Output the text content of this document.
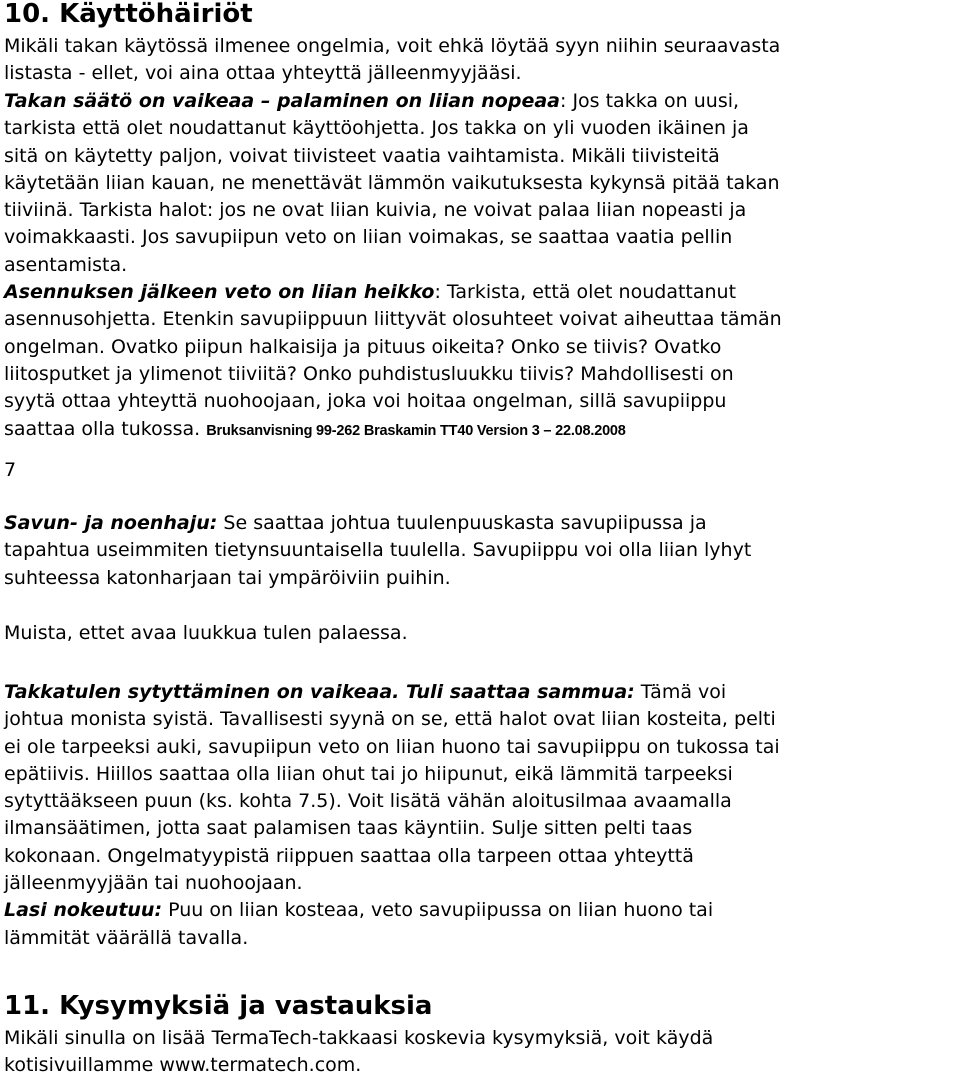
10. Käyttöhäiriöt
Mikäli takan käytössä ilmenee ongelmia, voit ehkä löytää syyn niihin seuraavasta
listasta - ellet, voi aina ottaa yhteyttä jälleenmyyjääsi.
Takan säätö on vaikeaa – palaminen on liian nopeaa: Jos takka on uusi,
tarkista että olet noudattanut käyttöohjetta. Jos takka on yli vuoden ikäinen ja
sitä on käytetty paljon, voivat tiivisteet vaatia vaihtamista. Mikäli tiivisteitä
käytetään liian kauan, ne menettävät lämmön vaikutuksesta kykynsä pitää takan
tiiviinä. Tarkista halot: jos ne ovat liian kuivia, ne voivat palaa liian nopeasti ja
voimakkaasti. Jos savupiipun veto on liian voimakas, se saattaa vaatia pellin
asentamista.
Asennuksen jälkeen veto on liian heikko: Tarkista, että olet noudattanut
asennusohjetta. Etenkin savupiippuun liittyvät olosuhteet voivat aiheuttaa tämän
ongelman. Ovatko piipun halkaisija ja pituus oikeita? Onko se tiivis? Ovatko
liitosputket ja ylimenot tiiviitä? Onko puhdistusluukku tiivis? Mahdollisesti on
syytä ottaa yhteyttä nuohoojaan, joka voi hoitaa ongelman, sillä savupiippu
saattaa olla tukossa. Bruksanvisning 99-262 Braskamin TT40 Version 3 – 22.08.2008
7
Savun- ja noenhaju: Se saattaa johtua tuulenpuuskasta savupiipussa ja
tapahtua useimmiten tietynsuuntaisella tuulella. Savupiippu voi olla liian lyhyt
suhteessa katonharjaan tai ympäröiviin puihin.
Muista, ettet avaa luukkua tulen palaessa.
Takkatulen sytyttäminen on vaikeaa. Tuli saattaa sammua: Tämä voi
johtua monista syistä. Tavallisesti syynä on se, että halot ovat liian kosteita, pelti
ei ole tarpeeksi auki, savupiipun veto on liian huono tai savupiippu on tukossa tai
epätiivis. Hiillos saattaa olla liian ohut tai jo hiipunut, eikä lämmitä tarpeeksi
sytyttääkseen puun (ks. kohta 7.5). Voit lisätä vähän aloitusilmaa avaamalla
ilmansäätimen, jotta saat palamisen taas käyntiin. Sulje sitten pelti taas
kokonaan. Ongelmatyypistä riippuen saattaa olla tarpeen ottaa yhteyttä
jälleenmyyjään tai nuohoojaan.
Lasi nokeutuu: Puu on liian kosteaa, veto savupiipussa on liian huono tai
lämmität väärällä tavalla.
11. Kysymyksiä ja vastauksia
Mikäli sinulla on lisää TermaTech-takkaasi koskevia kysymyksiä, voit käydä
kotisivuillamme www.termatech.com.
